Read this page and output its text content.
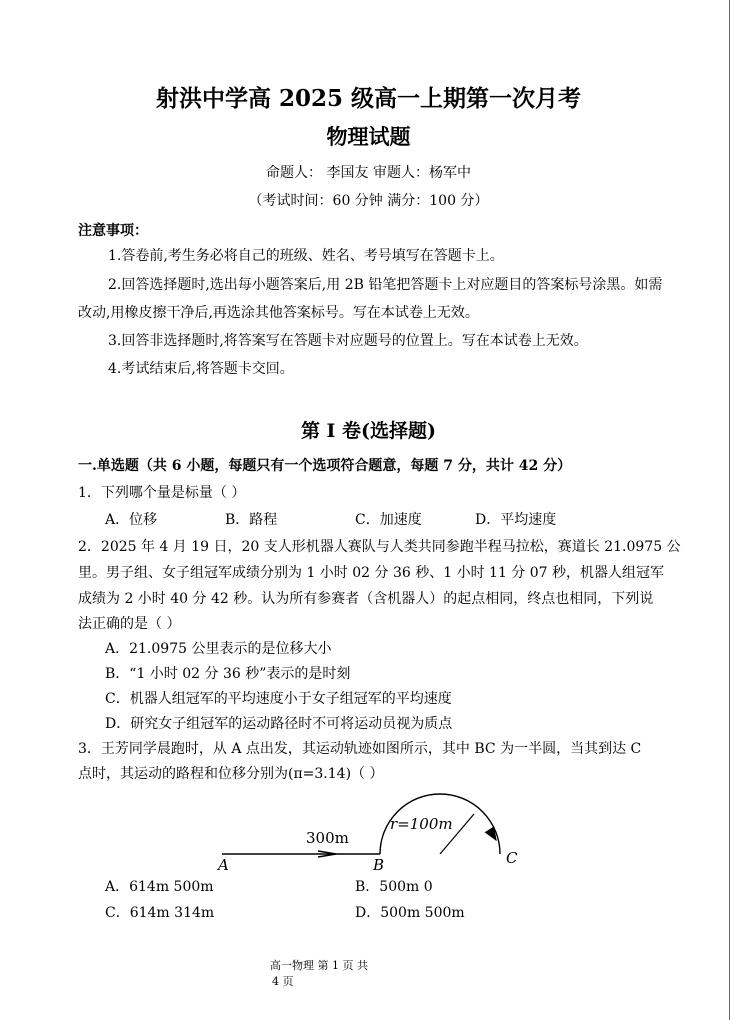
射洪中学高 2025 级高一上期第一次月考
物理试题
命题人： 李国友 审题人：杨军中
（考试时间：60 分钟 满分：100 分）
注意事项：
1.答卷前,考生务必将自己的班级、姓名、考号填写在答题卡上。
2.回答选择题时,选出每小题答案后,用 2B 铅笔把答题卡上对应题目的答案标号涂黑。如需改动,用橡皮擦干净后,再选涂其他答案标号。写在本试卷上无效。
3.回答非选择题时,将答案写在答题卡对应题号的位置上。写在本试卷上无效。
4.考试结束后,将答题卡交回。
第 I 卷(选择题)
一.单选题（共 6 小题，每题只有一个选项符合题意，每题 7 分，共计 42 分）
1．下列哪个量是标量（ ）
A．位移	B．路程	C．加速度	D．平均速度
2．2025 年 4 月 19 日，20 支人形机器人赛队与人类共同参跑半程马拉松，赛道长 21.0975 公
里。男子组、女子组冠军成绩分别为 1 小时 02 分 36 秒、1 小时 11 分 07 秒，机器人组冠军
成绩为 2 小时 40 分 42 秒。认为所有参赛者（含机器人）的起点相同，终点也相同，下列说
法正确的是（ ）
A．21.0975 公里表示的是位移大小
B．“1 小时 02 分 36 秒”表示的是时刻
C．机器人组冠军的平均速度小于女子组冠军的平均速度
D．研究女子组冠军的运动路径时不可将运动员视为质点
3．王芳同学晨跑时，从 A 点出发，其运动轨迹如图所示，其中 BC 为一半圆，当其到达 C
点时，其运动的路程和位移分别为(π=3.14)（ ）
300m
r=100m
A	B	C
A．614m 500m	B．500m 0
C．614m 314m	D．500m 500m
高一物理 第 1 页 共
4 页
